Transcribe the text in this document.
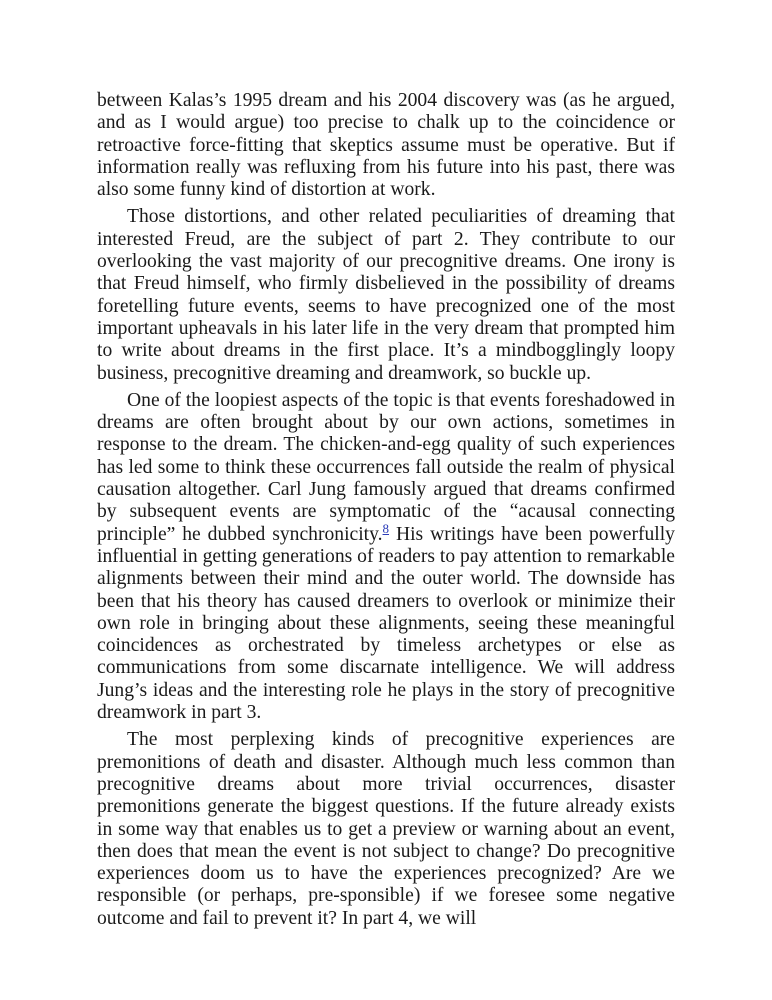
between Kalas’s 1995 dream and his 2004 discovery was (as he argued, and as I would argue) too precise to chalk up to the coincidence or retroactive force-fitting that skeptics assume must be operative. But if information really was refluxing from his future into his past, there was also some funny kind of distortion at work.

Those distortions, and other related peculiarities of dreaming that interested Freud, are the subject of part 2. They contribute to our overlooking the vast majority of our precognitive dreams. One irony is that Freud himself, who firmly disbelieved in the possibility of dreams foretelling future events, seems to have precognized one of the most important upheavals in his later life in the very dream that prompted him to write about dreams in the first place. It’s a mindbogglingly loopy business, precognitive dreaming and dreamwork, so buckle up.

One of the loopiest aspects of the topic is that events foreshadowed in dreams are often brought about by our own actions, sometimes in response to the dream. The chicken-and-egg quality of such experiences has led some to think these occurrences fall outside the realm of physical causation altogether. Carl Jung famously argued that dreams confirmed by subsequent events are symptomatic of the “acausal connecting principle” he dubbed synchronicity.$^8$ His writings have been powerfully influential in getting generations of readers to pay attention to remarkable alignments between their mind and the outer world. The downside has been that his theory has caused dreamers to overlook or minimize their own role in bringing about these alignments, seeing these meaningful coincidences as orchestrated by timeless archetypes or else as communications from some discarnate intelligence. We will address Jung’s ideas and the interesting role he plays in the story of precognitive dreamwork in part 3.

The most perplexing kinds of precognitive experiences are premonitions of death and disaster. Although much less common than precognitive dreams about more trivial occurrences, disaster premonitions generate the biggest questions. If the future already exists in some way that enables us to get a preview or warning about an event, then does that mean the event is not subject to change? Do precognitive experiences doom us to have the experiences precognized? Are we responsible (or perhaps, pre-sponsible) if we foresee some negative outcome and fail to prevent it? In part 4, we will
